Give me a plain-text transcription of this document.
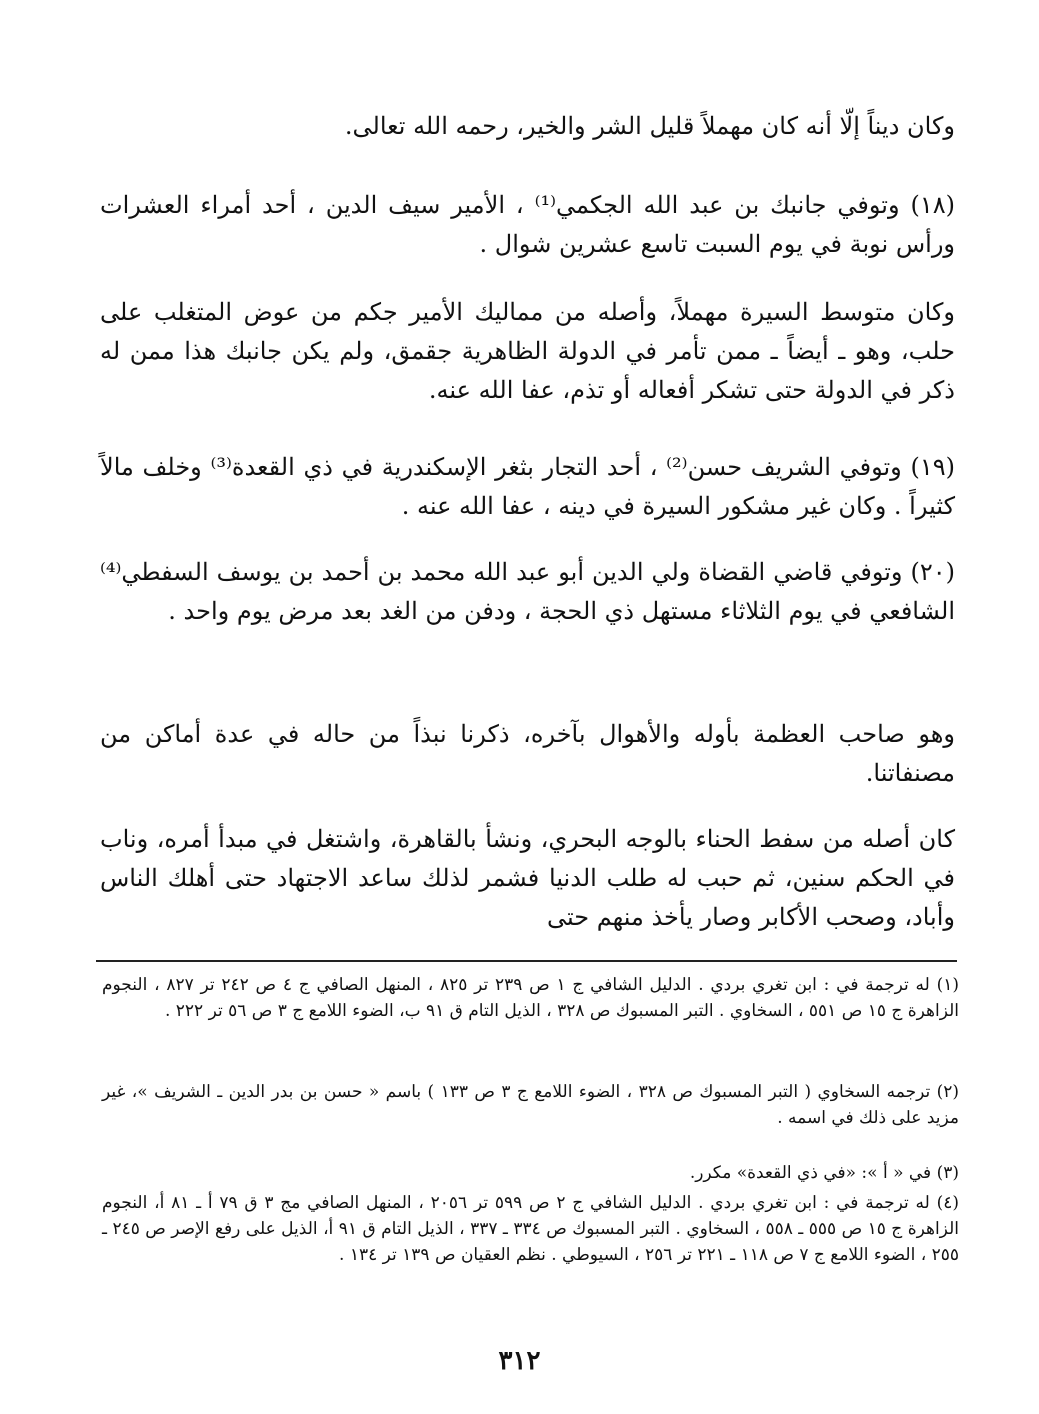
وكان ديناً إلّا أنه كان مهملاً قليل الشر والخير، رحمه الله تعالى.

(١٨) وتوفي جانبك بن عبد الله الجكمي⁽¹⁾ ، الأمير سيف الدين ، أحد أمراء العشرات ورأس نوبة في يوم السبت تاسع عشرين شوال .

وكان متوسط السيرة مهملاً، وأصله من مماليك الأمير جكم من عوض المتغلب على حلب، وهو ـ أيضاً ـ ممن تأمر في الدولة الظاهرية جقمق، ولم يكن جانبك هذا ممن له ذكر في الدولة حتى تشكر أفعاله أو تذم، عفا الله عنه.

(١٩) وتوفي الشريف حسن⁽²⁾ ، أحد التجار بثغر الإسكندرية في ذي القعدة⁽³⁾ وخلف مالاً كثيراً . وكان غير مشكور السيرة في دينه ، عفا الله عنه .

(٢٠) وتوفي قاضي القضاة ولي الدين أبو عبد الله محمد بن أحمد بن يوسف السفطي⁽⁴⁾ الشافعي في يوم الثلاثاء مستهل ذي الحجة ، ودفن من الغد بعد مرض يوم واحد .

وهو صاحب العظمة بأوله والأهوال بآخره، ذكرنا نبذاً من حاله في عدة أماكن من مصنفاتنا.

كان أصله من سفط الحناء بالوجه البحري، ونشأ بالقاهرة، واشتغل في مبدأ أمره، وناب في الحكم سنين، ثم حبب له طلب الدنيا فشمر لذلك ساعد الاجتهاد حتى أهلك الناس وأباد، وصحب الأكابر وصار يأخذ منهم حتى

(١) له ترجمة في : ابن تغري بردي . الدليل الشافي ج ١ ص ٢٣٩ تر ٨٢٥ ، المنهل الصافي ج ٤ ص ٢٤٢ تر ٨٢٧ ، النجوم الزاهرة ج ١٥ ص ٥٥١ ، السخاوي . التبر المسبوك ص ٣٢٨ ، الذيل التام ق ٩١ ب، الضوء اللامع ج ٣ ص ٥٦ تر ٢٢٢ .

(٢) ترجمه السخاوي ( التبر المسبوك ص ٣٢٨ ، الضوء اللامع ج ٣ ص ١٣٣ ) باسم « حسن بن بدر الدين ـ الشريف »، غير مزيد على ذلك في اسمه .

(٣) في « أ »: «في ذي القعدة» مكرر.

(٤) له ترجمة في : ابن تغري بردي . الدليل الشافي ج ٢ ص ٥٩٩ تر ٢٠٥٦ ، المنهل الصافي مج ٣ ق ٧٩ أ ـ ٨١ أ، النجوم الزاهرة ج ١٥ ص ٥٥٥ ـ ٥٥٨ ، السخاوي . التبر المسبوك ص ٣٣٤ ـ ٣٣٧ ، الذيل التام ق ٩١ أ، الذيل على رفع الإصر ص ٢٤٥ ـ ٢٥٥ ، الضوء اللامع ج ٧ ص ١١٨ ـ ٢٢١ تر ٢٥٦ ، السيوطي . نظم العقيان ص ١٣٩ تر ١٣٤ .

٣١٢
